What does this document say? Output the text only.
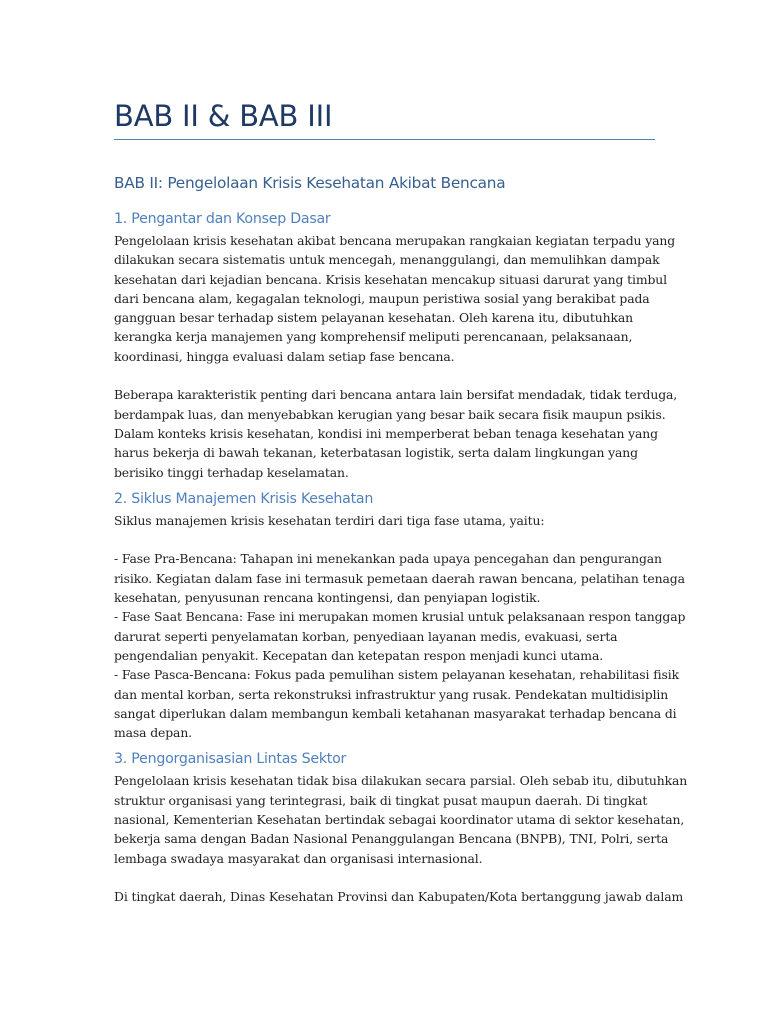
BAB II & BAB III
BAB II: Pengelolaan Krisis Kesehatan Akibat Bencana
1. Pengantar dan Konsep Dasar

Pengelolaan krisis kesehatan akibat bencana merupakan rangkaian kegiatan terpadu yang
dilakukan secara sistematis untuk mencegah, menanggulangi, dan memulihkan dampak
kesehatan dari kejadian bencana. Krisis kesehatan mencakup situasi darurat yang timbul
dari bencana alam, kegagalan teknologi, maupun peristiwa sosial yang berakibat pada
gangguan besar terhadap sistem pelayanan kesehatan. Oleh karena itu, dibutuhkan
kerangka kerja manajemen yang komprehensif meliputi perencanaan, pelaksanaan,
koordinasi, hingga evaluasi dalam setiap fase bencana.

Beberapa karakteristik penting dari bencana antara lain bersifat mendadak, tidak terduga,
berdampak luas, dan menyebabkan kerugian yang besar baik secara fisik maupun psikis.
Dalam konteks krisis kesehatan, kondisi ini memperberat beban tenaga kesehatan yang
harus bekerja di bawah tekanan, keterbatasan logistik, serta dalam lingkungan yang
berisiko tinggi terhadap keselamatan.

2. Siklus Manajemen Krisis Kesehatan

Siklus manajemen krisis kesehatan terdiri dari tiga fase utama, yaitu:

- Fase Pra-Bencana: Tahapan ini menekankan pada upaya pencegahan dan pengurangan
risiko. Kegiatan dalam fase ini termasuk pemetaan daerah rawan bencana, pelatihan tenaga
kesehatan, penyusunan rencana kontingensi, dan penyiapan logistik.
- Fase Saat Bencana: Fase ini merupakan momen krusial untuk pelaksanaan respon tanggap
darurat seperti penyelamatan korban, penyediaan layanan medis, evakuasi, serta
pengendalian penyakit. Kecepatan dan ketepatan respon menjadi kunci utama.
- Fase Pasca-Bencana: Fokus pada pemulihan sistem pelayanan kesehatan, rehabilitasi fisik
dan mental korban, serta rekonstruksi infrastruktur yang rusak. Pendekatan multidisiplin
sangat diperlukan dalam membangun kembali ketahanan masyarakat terhadap bencana di
masa depan.

3. Pengorganisasian Lintas Sektor

Pengelolaan krisis kesehatan tidak bisa dilakukan secara parsial. Oleh sebab itu, dibutuhkan
struktur organisasi yang terintegrasi, baik di tingkat pusat maupun daerah. Di tingkat
nasional, Kementerian Kesehatan bertindak sebagai koordinator utama di sektor kesehatan,
bekerja sama dengan Badan Nasional Penanggulangan Bencana (BNPB), TNI, Polri, serta
lembaga swadaya masyarakat dan organisasi internasional.

Di tingkat daerah, Dinas Kesehatan Provinsi dan Kabupaten/Kota bertanggung jawab dalam
